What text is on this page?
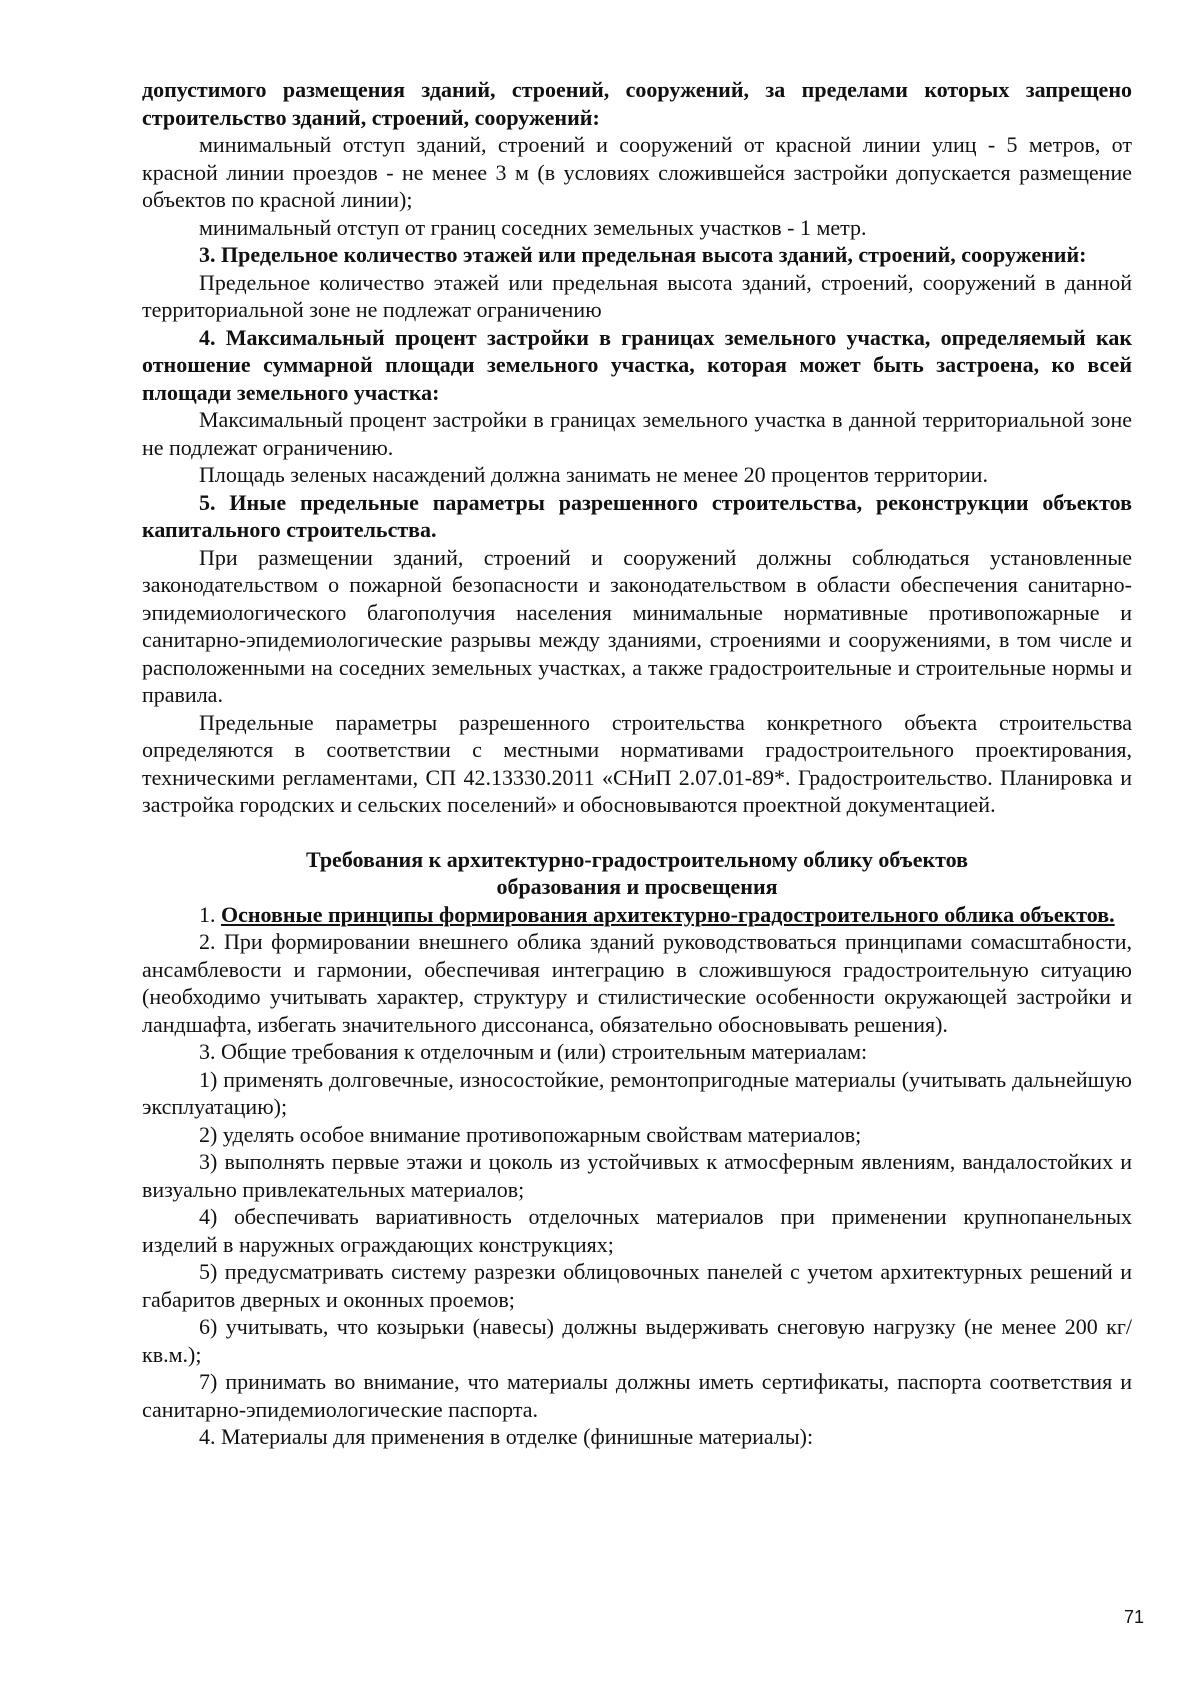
допустимого размещения зданий, строений, сооружений, за пределами которых запрещено строительство зданий, строений, сооружений:

минимальный отступ зданий, строений и сооружений от красной линии улиц - 5 метров, от красной линии проездов - не менее 3 м (в условиях сложившейся застройки допускается размещение объектов по красной линии);

минимальный отступ от границ соседних земельных участков - 1 метр.

3. Предельное количество этажей или предельная высота зданий, строений, сооружений:

Предельное количество этажей или предельная высота зданий, строений, сооружений в данной территориальной зоне не подлежат ограничению

4. Максимальный процент застройки в границах земельного участка, определяемый как отношение суммарной площади земельного участка, которая может быть застроена, ко всей площади земельного участка:

Максимальный процент застройки в границах земельного участка в данной территориальной зоне не подлежат ограничению.

Площадь зеленых насаждений должна занимать не менее 20 процентов территории.

5. Иные предельные параметры разрешенного строительства, реконструкции объектов капитального строительства.

При размещении зданий, строений и сооружений должны соблюдаться установленные законодательством о пожарной безопасности и законодательством в области обеспечения санитарно-эпидемиологического благополучия населения минимальные нормативные противопожарные и санитарно-эпидемиологические разрывы между зданиями, строениями и сооружениями, в том числе и расположенными на соседних земельных участках, а также градостроительные и строительные нормы и правила.

Предельные параметры разрешенного строительства конкретного объекта строительства определяются в соответствии с местными нормативами градостроительного проектирования, техническими регламентами, СП 42.13330.2011 «СНиП 2.07.01-89*. Градостроительство. Планировка и застройка городских и сельских поселений» и обосновываются проектной документацией.

Требования к архитектурно-градостроительному облику объектов

образования и просвещения

1. Основные принципы формирования архитектурно-градостроительного облика объектов.

2. При формировании внешнего облика зданий руководствоваться принципами сомасштабности, ансамблевости и гармонии, обеспечивая интеграцию в сложившуюся градостроительную ситуацию (необходимо учитывать характер, структуру и стилистические особенности окружающей застройки и ландшафта, избегать значительного диссонанса, обязательно обосновывать решения).

3. Общие требования к отделочным и (или) строительным материалам:

1) применять долговечные, износостойкие, ремонтопригодные материалы (учитывать дальнейшую эксплуатацию);

2) уделять особое внимание противопожарным свойствам материалов;

3) выполнять первые этажи и цоколь из устойчивых к атмосферным явлениям, вандалостойких и визуально привлекательных материалов;

4) обеспечивать вариативность отделочных материалов при применении крупнопанельных изделий в наружных ограждающих конструкциях;

5) предусматривать систему разрезки облицовочных панелей с учетом архитектурных решений и габаритов дверных и оконных проемов;

6) учитывать, что козырьки (навесы) должны выдерживать снеговую нагрузку (не менее 200 кг/кв.м.);

7) принимать во внимание, что материалы должны иметь сертификаты, паспорта соответствия и санитарно-эпидемиологические паспорта.

4. Материалы для применения в отделке (финишные материалы):

71
